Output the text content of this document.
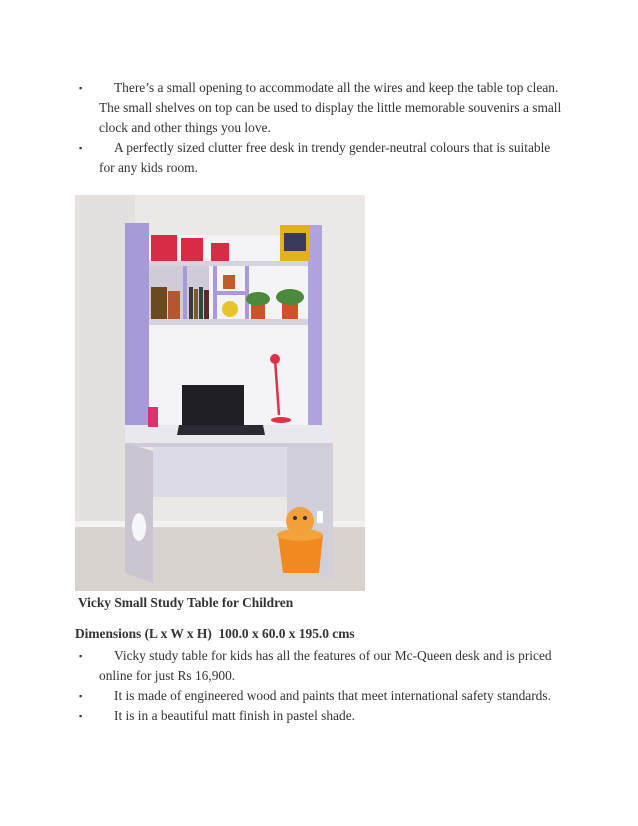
▪ There’s a small opening to accommodate all the wires and keep the table top clean. The small shelves on top can be used to display the little memorable souvenirs a small clock and other things you love.
▪ A perfectly sized clutter free desk in trendy gender-neutral colours that is suitable for any kids room.
Vicky Small Study Table for Children
Dimensions (L x W x H)  100.0 x 60.0 x 195.0 cms
▪ Vicky study table for kids has all the features of our Mc-Queen desk and is priced online for just Rs 16,900.
▪ It is made of engineered wood and paints that meet international safety standards.
▪ It is in a beautiful matt finish in pastel shade.
